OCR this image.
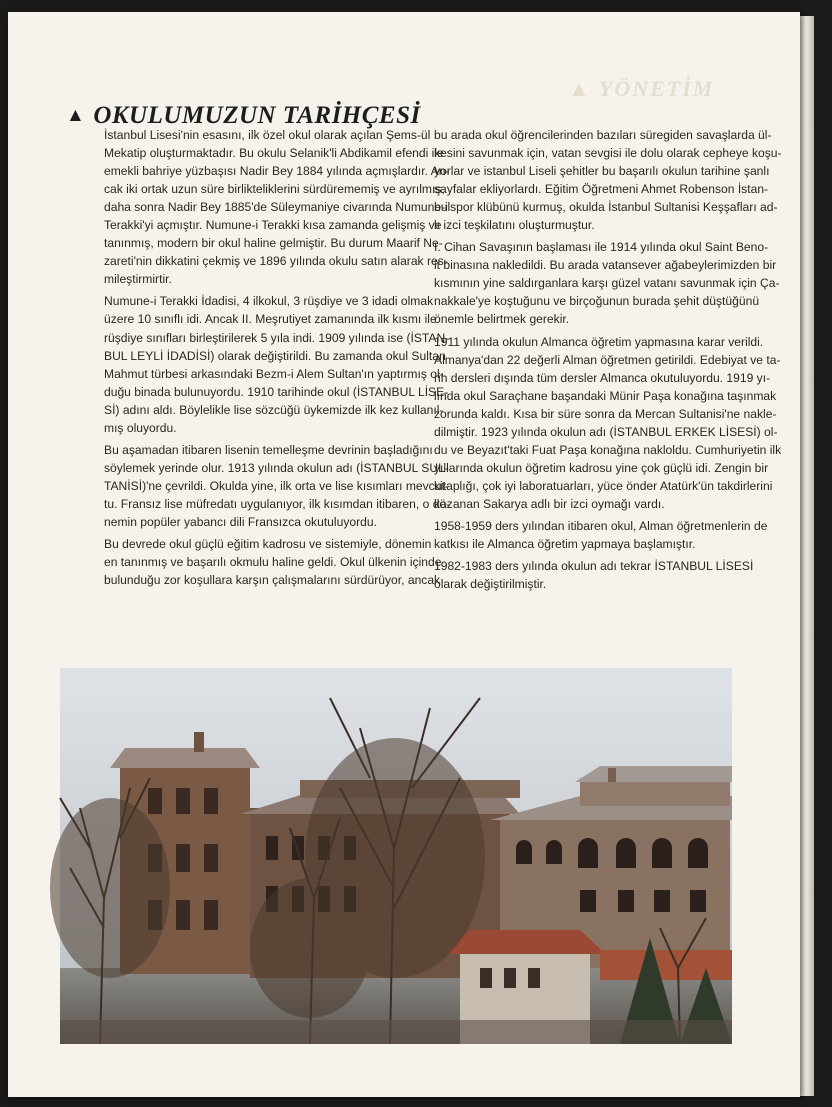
▲ YÖNETİM
▲ OKULUMUZUN TARİHÇESİ

İstanbul Lisesi'nin esasını, ilk özel okul olarak açılan Şems-ül
Mekatip oluşturmaktadır. Bu okulu Selanik'li Abdikamil efendi ile
emekli bahriye yüzbaşısı Nadir Bey 1884 yılında açmışlardır. An-
cak iki ortak uzun süre birlikteliklerini sürdürememiş ve ayrılmış,
daha sonra Nadir Bey 1885'de Süleymaniye civarında Numune-i
Terakki'yi açmıştır. Numune-i Terakki kısa zamanda gelişmiş ve
tanınmış, modern bir okul haline gelmiştir. Bu durum Maarif Ne-
zareti'nin dikkatini çekmiş ve 1896 yılında okulu satın alarak res-
mileştirmirtir.

Numune-i Terakki İdadisi, 4 ilkokul, 3 rüşdiye ve 3 idadi olmak
üzere 10 sınıflı idi. Ancak II. Meşrutiyet zamanında ilk kısmı ile
rüşdiye sınıfları birleştirilerek 5 yıla indi. 1909 yılında ise (İSTAN-
BUL LEYLİ İDADİSİ) olarak değiştirildi. Bu zamanda okul Sultan
Mahmut türbesi arkasındaki Bezm-i Alem Sultan'ın yaptırmış ol-
duğu binada bulunuyordu. 1910 tarihinde okul (İSTANBUL LİSE-
Sİ) adını aldı. Böylelikle lise sözcüğü üykemizde ilk kez kullanıl-
mış oluyordu.

Bu aşamadan itibaren lisenin temelleşme devrinin başladığını
söylemek yerinde olur. 1913 yılında okulun adı (İSTANBUL SUL-
TANİSİ)'ne çevrildi. Okulda yine, ilk orta ve lise kısımları mevcut-
tu. Fransız lise müfredatı uygulanıyor, ilk kısımdan itibaren, o dö-
nemin popüler yabancı dili Fransızca okutuluyordu.

Bu devrede okul güçlü eğitim kadrosu ve sistemiyle, dönemin
en tanınmış ve başarılı okmulu haline geldi. Okul ülkenin içinde
bulunduğu zor koşullara karşın çalışmalarını sürdürüyor, ancak

bu arada okul öğrencilerinden bazıları süregiden savaşlarda ül-
kesini savunmak için, vatan sevgisi ile dolu olarak cepheye koşu-
yorlar ve istanbul Liseli şehitler bu başarılı okulun tarihine şanlı
sayfalar ekliyorlardı. Eğitim Öğretmeni Ahmet Robenson İstan-
bulspor klübünü kurmuş, okulda İstanbul Sultanisi Keşşafları ad-
lı izci teşkilatını oluşturmuştur.

I. Cihan Savaşının başlaması ile 1914 yılında okul Saint Beno-
it binasına nakledildi. Bu arada vatansever ağabeylerimizden bir
kısmının yine saldırganlara karşı güzel vatanı savunmak için Ça-
nakkale'ye koştuğunu ve birçoğunun burada şehit düştüğünü
önemle belirtmek gerekir.

1911 yılında okulun Almanca öğretim yapmasına karar verildi.
Almanya'dan 22 değerli Alman öğretmen getirildi. Edebiyat ve ta-
rih dersleri dışında tüm dersler Almanca okutuluyordu. 1919 yı-
lında okul Saraçhane başandaki Münir Paşa konağına taşınmak
zorunda kaldı. Kısa bir süre sonra da Mercan Sultanisi'ne nakle-
dilmiştir. 1923 yılında okulun adı (İSTANBUL ERKEK LİSESİ) ol-
du ve Beyazıt'taki Fuat Paşa konağına nakloldu. Cumhuriyetin ilk
yıllarında okulun öğretim kadrosu yine çok güçlü idi. Zengin bir
kitaplığı, çok iyi laboratuarları, yüce önder Atatürk'ün takdirlerini
kazanan Sakarya adlı bir izci oymağı vardı.

1958-1959 ders yılından itibaren okul, Alman öğretmenlerin de
katkısı ile Almanca öğretim yapmaya başlamıştır.

1982-1983 ders yılında okulun adı tekrar İSTANBUL LİSESİ
olarak değiştirilmiştir.
